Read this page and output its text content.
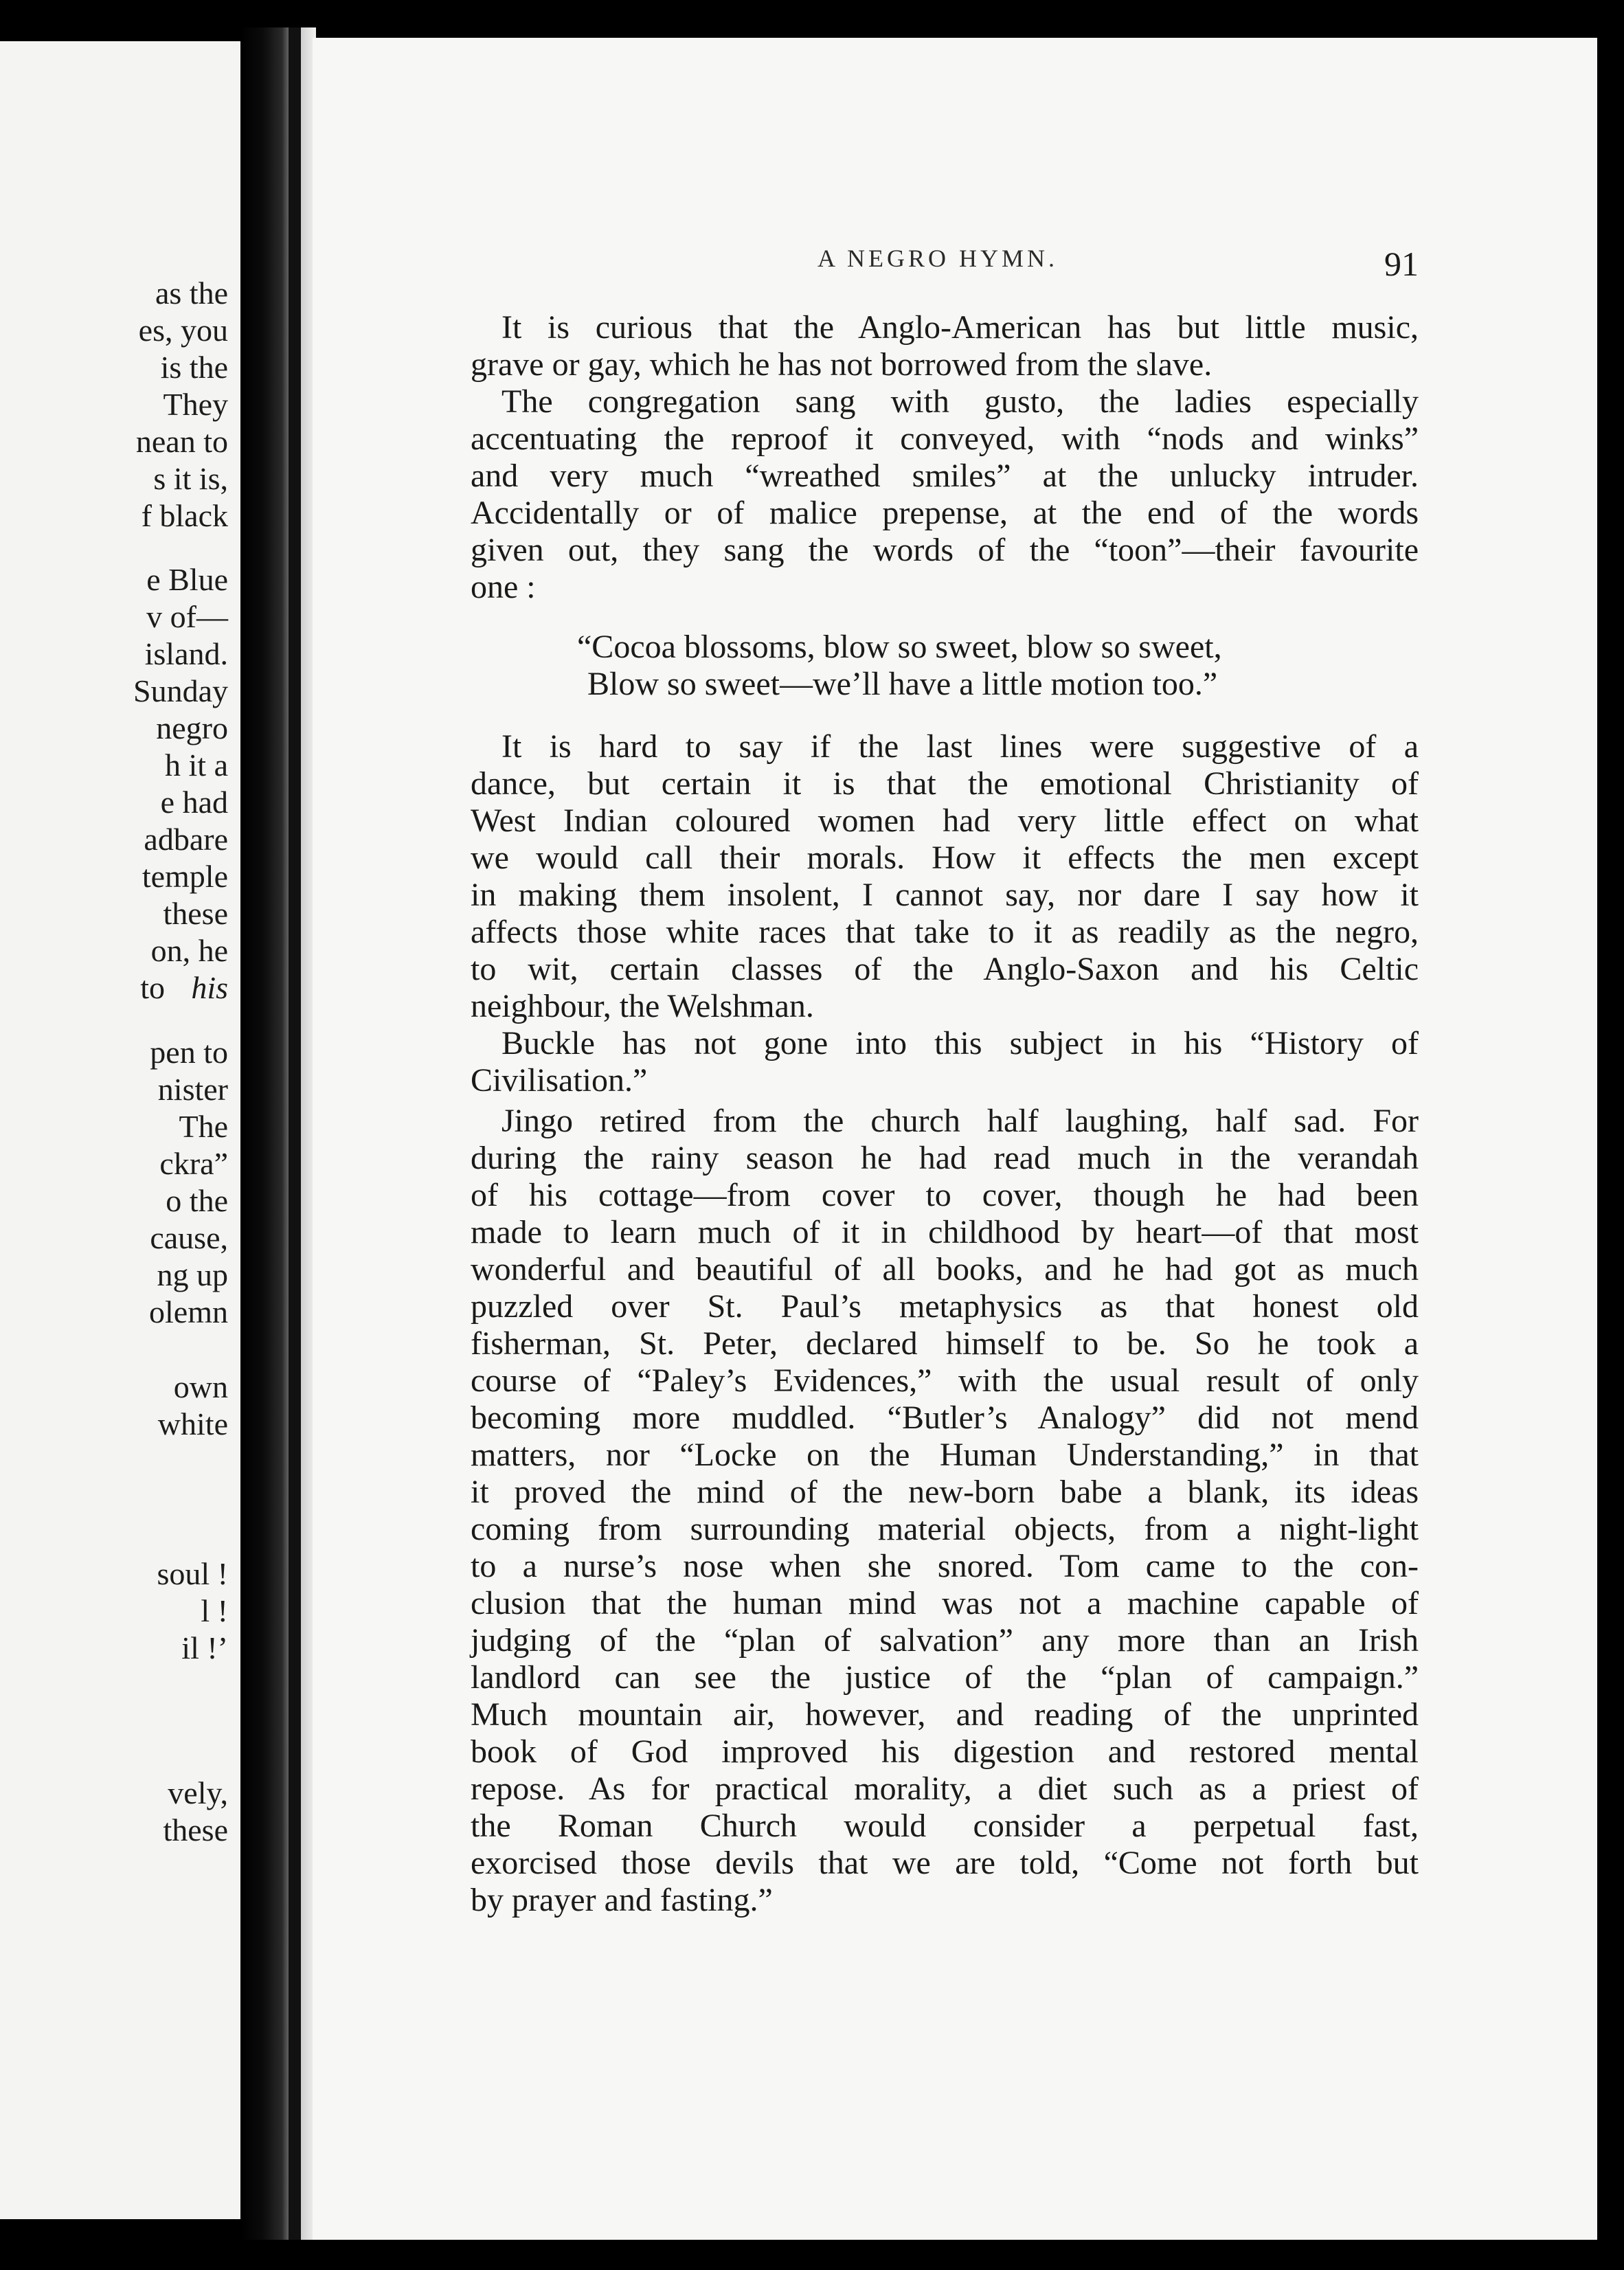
as the
es, you
is the
They
nean to
s it is,
f black
e Blue
v of—
island.
Sunday
negro
h it a
e had
adbare
temple
these
on, he
to his
pen to
nister
The
ckra”
o the
cause,
ng up
olemn
own
white
soul !
l !
il !’
vely,
these
A NEGRO HYMN.	91
It is curious that the Anglo-American has but little music,
grave or gay, which he has not borrowed from the slave.
The congregation sang with gusto, the ladies especially
accentuating the reproof it conveyed, with “nods and winks”
and very much “wreathed smiles” at the unlucky intruder.
Accidentally or of malice prepense, at the end of the words
given out, they sang the words of the “toon”—their favourite
one :
“Cocoa blossoms, blow so sweet, blow so sweet,
Blow so sweet—we’ll have a little motion too.”
It is hard to say if the last lines were suggestive of a
dance, but certain it is that the emotional Christianity of
West Indian coloured women had very little effect on what
we would call their morals. How it effects the men except
in making them insolent, I cannot say, nor dare I say how it
affects those white races that take to it as readily as the negro,
to wit, certain classes of the Anglo-Saxon and his Celtic
neighbour, the Welshman.
Buckle has not gone into this subject in his “History of
Civilisation.”
Jingo retired from the church half laughing, half sad. For
during the rainy season he had read much in the verandah
of his cottage—from cover to cover, though he had been
made to learn much of it in childhood by heart—of that most
wonderful and beautiful of all books, and he had got as much
puzzled over St. Paul’s metaphysics as that honest old
fisherman, St. Peter, declared himself to be. So he took a
course of “Paley’s Evidences,” with the usual result of only
becoming more muddled. “Butler’s Analogy” did not mend
matters, nor “Locke on the Human Understanding,” in that
it proved the mind of the new-born babe a blank, its ideas
coming from surrounding material objects, from a night-light
to a nurse’s nose when she snored. Tom came to the con-
clusion that the human mind was not a machine capable of
judging of the “plan of salvation” any more than an Irish
landlord can see the justice of the “plan of campaign.”
Much mountain air, however, and reading of the unprinted
book of God improved his digestion and restored mental
repose. As for practical morality, a diet such as a priest of
the Roman Church would consider a perpetual fast,
exorcised those devils that we are told, “Come not forth but
by prayer and fasting.”
